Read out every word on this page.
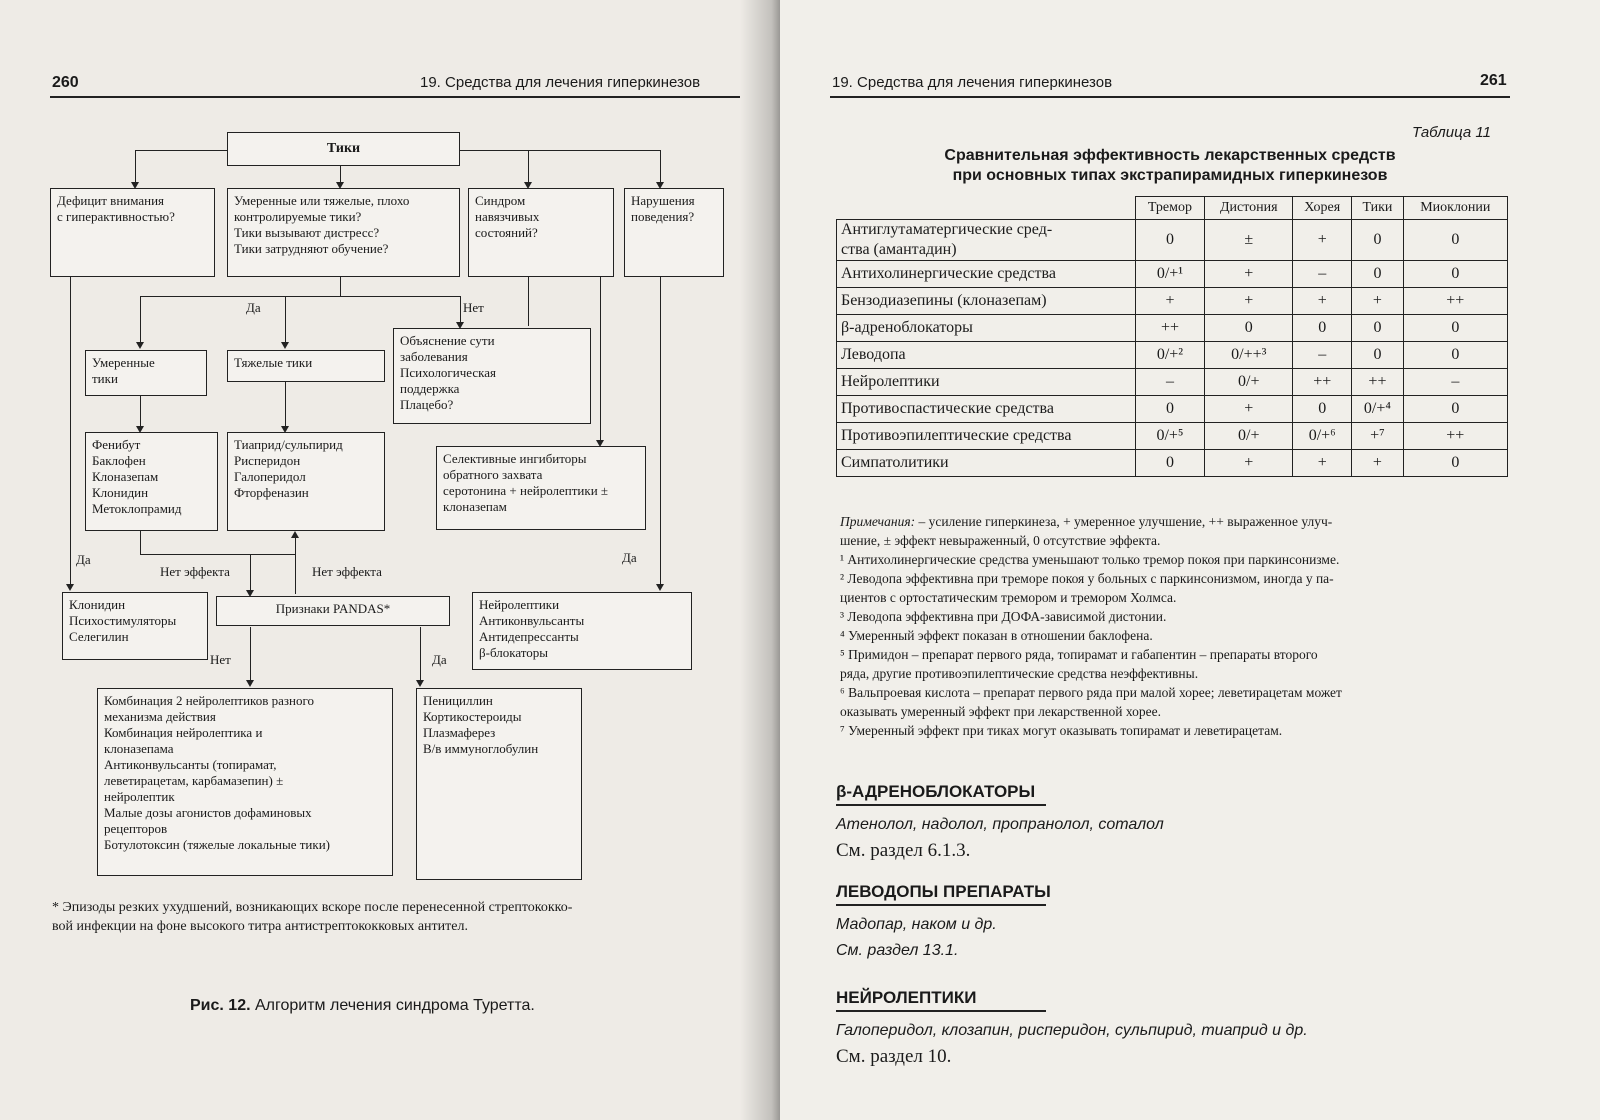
260	19. Средства для лечения гиперкинезов
Тики
Дефицит внимания
с гиперактивностью?
Умеренные или тяжелые, плохо
контролируемые тики?
Тики вызывают дистресс?
Тики затрудняют обучение?
Синдром
навязчивых
состояний?
Нарушения
поведения?
Умеренные
тики
Тяжелые тики
Объяснение сути
заболевания
Психологическая
поддержка
Плацебо?
Фенибут
Баклофен
Клоназепам
Клонидин
Метоклопрамид
Тиаприд/сульпирид
Рисперидон
Галоперидол
Фторфеназин
Селективные ингибиторы
обратного захвата
серотонина + нейролептики ±
клоназепам
Клонидин
Психостимуляторы
Селегилин
Признаки PANDAS*	Нейролептики
Антиконвульсанты
Антидепрессанты
β-блокаторы
Комбинация 2 нейролептиков разного
механизма действия
Комбинация нейролептика и
клоназепама
Антиконвульсанты (топирамат,
леветирацетам, карбамазепин) ±
нейролептик
Малые дозы агонистов дофаминовых
рецепторов
Ботулотоксин (тяжелые локальные тики)
Пенициллин
Кортикостероиды
Плазмаферез
В/в иммуноглобулин
Да	Нет
Да
Нет эффекта	Нет эффекта
Да
Нет	Да
* Эпизоды резких ухудшений, возникающих вскоре после перенесенной стрептококко-
вой инфекции на фоне высокого титра антистрептококковых антител.
Рис. 12. Алгоритм лечения синдрома Туретта.
19. Средства для лечения гиперкинезов	261
Таблица 11
Сравнительная эффективность лекарственных средств
при основных типах экстрапирамидных гиперкинезов
	Тремор	Дистония	Хорея	Тики	Миоклонии
Антиглутаматергические сред-
ства (амантадин)	0	±	+	0	0
Антихолинергические средства	0/+¹	+	–	0	0
Бензодиазепины (клоназепам)	+	+	+	+	++
β-адреноблокаторы	++	0	0	0	0
Леводопа	0/+²	0/++³	–	0	0
Нейролептики	–	0/+	++	++	–
Противоспастические средства	0	+	0	0/+⁴	0
Противоэпилептические средства	0/+⁵	0/+	0/+⁶	+⁷	++
Симпатолитики	0	+	+	+	0

Примечания: – усиление гиперкинеза, + умеренное улучшение, ++ выраженное улуч-
шение, ± эффект невыраженный, 0 отсутствие эффекта.

¹ Антихолинергические средства уменьшают только тремор покоя при паркинсонизме.

² Леводопа эффективна при треморе покоя у больных с паркинсонизмом, иногда у па-
циентов с ортостатическим тремором и тремором Холмса.

³ Леводопа эффективна при ДОФА-зависимой дистонии.

⁴ Умеренный эффект показан в отношении баклофена.

⁵ Примидон – препарат первого ряда, топирамат и габапентин – препараты второго
ряда, другие противоэпилептические средства неэффективны.

⁶ Вальпроевая кислота – препарат первого ряда при малой хорее; леветирацетам может
оказывать умеренный эффект при лекарственной хорее.

⁷ Умеренный эффект при тиках могут оказывать топирамат и леветирацетам.

β-АДРЕНОБЛОКАТОРЫ
Атенолол, надолол, пропранолол, соталол
См. раздел 6.1.3.
ЛЕВОДОПЫ ПРЕПАРАТЫ
Мадопар, наком и др.
См. раздел 13.1.
НЕЙРОЛЕПТИКИ
Галоперидол, клозапин, рисперидон, сульпирид, тиаприд и др.
См. раздел 10.
